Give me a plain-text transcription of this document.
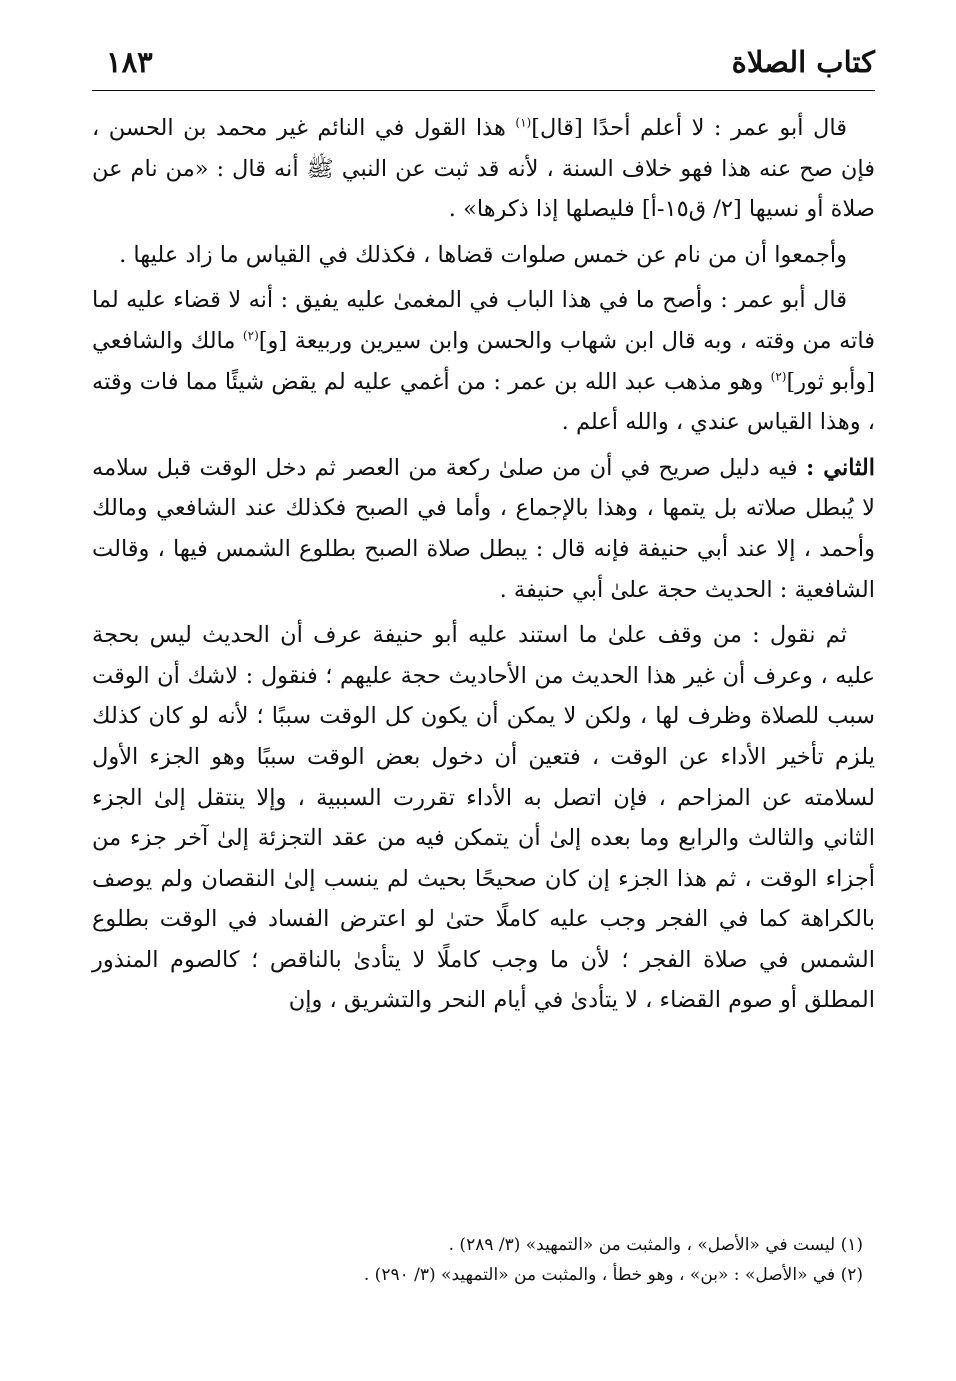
كتاب الصلاة
١٨٣

قال أبو عمر : لا أعلم أحدًا [قال]$^{(١)}$ هذا القول في النائم غير محمد بن الحسن ، فإن صح عنه هذا فهو خلاف السنة ، لأنه قد ثبت عن النبي ﷺ أنه قال : «من نام عن صلاة أو نسيها [٢/ ق١٥-أ] فليصلها إذا ذكرها» .

وأجمعوا أن من نام عن خمس صلوات قضاها ، فكذلك في القياس ما زاد عليها .

قال أبو عمر : وأصح ما في هذا الباب في المغمىٰ عليه يفيق : أنه لا قضاء عليه لما فاته من وقته ، وبه قال ابن شهاب والحسن وابن سيرين وربيعة [و]$^{(٢)}$ مالك والشافعي [وأبو ثور]$^{(٢)}$ وهو مذهب عبد الله بن عمر : من أغمي عليه لم يقض شيئًا مما فات وقته ، وهذا القياس عندي ، والله أعلم .

الثاني : فيه دليل صريح في أن من صلىٰ ركعة من العصر ثم دخل الوقت قبل سلامه لا يُبطل صلاته بل يتمها ، وهذا بالإجماع ، وأما في الصبح فكذلك عند الشافعي ومالك وأحمد ، إلا عند أبي حنيفة فإنه قال : يبطل صلاة الصبح بطلوع الشمس فيها ، وقالت الشافعية : الحديث حجة علىٰ أبي حنيفة .

ثم نقول : من وقف علىٰ ما استند عليه أبو حنيفة عرف أن الحديث ليس بحجة عليه ، وعرف أن غير هذا الحديث من الأحاديث حجة عليهم ؛ فنقول : لاشك أن الوقت سبب للصلاة وظرف لها ، ولكن لا يمكن أن يكون كل الوقت سببًا ؛ لأنه لو كان كذلك يلزم تأخير الأداء عن الوقت ، فتعين أن دخول بعض الوقت سببًا وهو الجزء الأول لسلامته عن المزاحم ، فإن اتصل به الأداء تقررت السببية ، وإلا ينتقل إلىٰ الجزء الثاني والثالث والرابع وما بعده إلىٰ أن يتمكن فيه من عقد التجزئة إلىٰ آخر جزء من أجزاء الوقت ، ثم هذا الجزء إن كان صحيحًا بحيث لم ينسب إلىٰ النقصان ولم يوصف بالكراهة كما في الفجر وجب عليه كاملًا حتىٰ لو اعترض الفساد في الوقت بطلوع الشمس في صلاة الفجر ؛ لأن ما وجب كاملًا لا يتأدىٰ بالناقص ؛ كالصوم المنذور المطلق أو صوم القضاء ، لا يتأدىٰ في أيام النحر والتشريق ، وإن

(١) ليست في «الأصل» ، والمثبت من «التمهيد» (٣/ ٢٨٩) .
(٢) في «الأصل» : «بن» ، وهو خطأ ، والمثبت من «التمهيد» (٣/ ٢٩٠) .
